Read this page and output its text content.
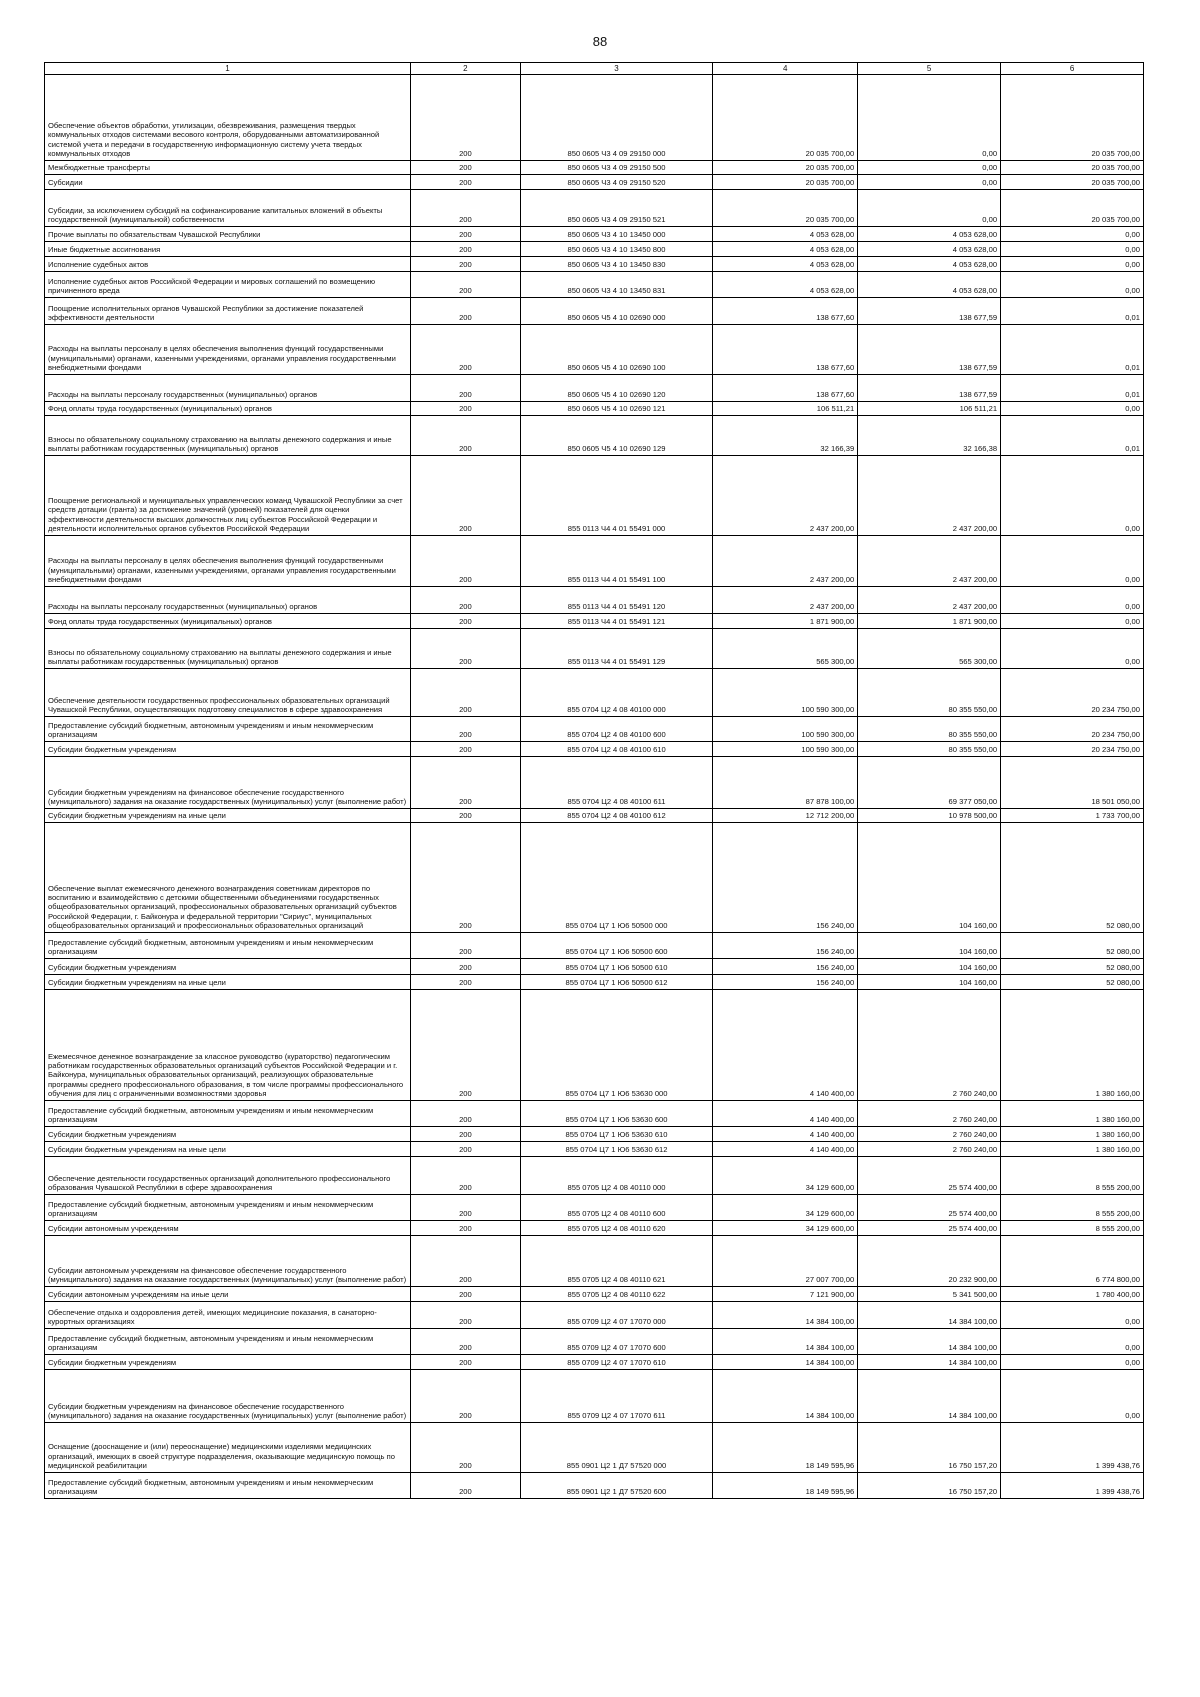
88
1	2	3	4	5	6
Обеспечение объектов обработки, утилизации, обезвреживания, размещения твердых коммунальных отходов системами весового контроля, оборудованными автоматизированной системой учета и передачи в государственную информационную систему учета твердых коммунальных отходов	200	850 0605 Ч3 4 09 29150 000	20 035 700,00	0,00	20 035 700,00
Межбюджетные трансферты	200	850 0605 Ч3 4 09 29150 500	20 035 700,00	0,00	20 035 700,00
Субсидии	200	850 0605 Ч3 4 09 29150 520	20 035 700,00	0,00	20 035 700,00
Субсидии, за исключением субсидий на софинансирование капитальных вложений в объекты государственной (муниципальной) собственности	200	850 0605 Ч3 4 09 29150 521	20 035 700,00	0,00	20 035 700,00
Прочие выплаты по обязательствам Чувашской Республики	200	850 0605 Ч3 4 10 13450 000	4 053 628,00	4 053 628,00	0,00
Иные бюджетные ассигнования	200	850 0605 Ч3 4 10 13450 800	4 053 628,00	4 053 628,00	0,00
Исполнение судебных актов	200	850 0605 Ч3 4 10 13450 830	4 053 628,00	4 053 628,00	0,00
Исполнение судебных актов Российской Федерации и мировых соглашений по возмещению причиненного вреда	200	850 0605 Ч3 4 10 13450 831	4 053 628,00	4 053 628,00	0,00
Поощрение исполнительных органов Чувашской Республики за достижение показателей эффективности деятельности	200	850 0605 Ч5 4 10 02690 000	138 677,60	138 677,59	0,01
Расходы на выплаты персоналу в целях обеспечения выполнения функций государственными (муниципальными) органами, казенными учреждениями, органами управления государственными внебюджетными фондами	200	850 0605 Ч5 4 10 02690 100	138 677,60	138 677,59	0,01
Расходы на выплаты персоналу государственных (муниципальных) органов	200	850 0605 Ч5 4 10 02690 120	138 677,60	138 677,59	0,01
Фонд оплаты труда государственных (муниципальных) органов	200	850 0605 Ч5 4 10 02690 121	106 511,21	106 511,21	0,00
Взносы по обязательному социальному страхованию на выплаты денежного содержания и иные выплаты работникам государственных (муниципальных) органов	200	850 0605 Ч5 4 10 02690 129	32 166,39	32 166,38	0,01
Поощрение региональной и муниципальных управленческих команд Чувашской Республики за счет средств дотации (гранта) за достижение значений (уровней) показателей для оценки эффективности деятельности высших должностных лиц субъектов Российской Федерации и деятельности исполнительных органов субъектов Российской Федерации	200	855 0113 Ч4 4 01 55491 000	2 437 200,00	2 437 200,00	0,00
Расходы на выплаты персоналу в целях обеспечения выполнения функций государственными (муниципальными) органами, казенными учреждениями, органами управления государственными внебюджетными фондами	200	855 0113 Ч4 4 01 55491 100	2 437 200,00	2 437 200,00	0,00
Расходы на выплаты персоналу государственных (муниципальных) органов	200	855 0113 Ч4 4 01 55491 120	2 437 200,00	2 437 200,00	0,00
Фонд оплаты труда государственных (муниципальных) органов	200	855 0113 Ч4 4 01 55491 121	1 871 900,00	1 871 900,00	0,00
Взносы по обязательному социальному страхованию на выплаты денежного содержания и иные выплаты работникам государственных (муниципальных) органов	200	855 0113 Ч4 4 01 55491 129	565 300,00	565 300,00	0,00
Обеспечение деятельности государственных профессиональных образовательных организаций Чувашской Республики, осуществляющих подготовку специалистов в сфере здравоохранения	200	855 0704 Ц2 4 08 40100 000	100 590 300,00	80 355 550,00	20 234 750,00
Предоставление субсидий бюджетным, автономным учреждениям и иным некоммерческим организациям	200	855 0704 Ц2 4 08 40100 600	100 590 300,00	80 355 550,00	20 234 750,00
Субсидии бюджетным учреждениям	200	855 0704 Ц2 4 08 40100 610	100 590 300,00	80 355 550,00	20 234 750,00
Субсидии бюджетным учреждениям на финансовое обеспечение государственного (муниципального) задания на оказание государственных (муниципальных) услуг (выполнение работ)	200	855 0704 Ц2 4 08 40100 611	87 878 100,00	69 377 050,00	18 501 050,00
Субсидии бюджетным учреждениям на иные цели	200	855 0704 Ц2 4 08 40100 612	12 712 200,00	10 978 500,00	1 733 700,00
Обеспечение выплат ежемесячного денежного вознаграждения советникам директоров по воспитанию и взаимодействию с детскими общественными объединениями государственных общеобразовательных организаций, профессиональных образовательных организаций субъектов Российской Федерации, г. Байконура и федеральной территории "Сириус", муниципальных общеобразовательных организаций и профессиональных образовательных организаций	200	855 0704 Ц7 1 Ю6 50500 000	156 240,00	104 160,00	52 080,00
Предоставление субсидий бюджетным, автономным учреждениям и иным некоммерческим организациям	200	855 0704 Ц7 1 Ю6 50500 600	156 240,00	104 160,00	52 080,00
Субсидии бюджетным учреждениям	200	855 0704 Ц7 1 Ю6 50500 610	156 240,00	104 160,00	52 080,00
Субсидии бюджетным учреждениям на иные цели	200	855 0704 Ц7 1 Ю6 50500 612	156 240,00	104 160,00	52 080,00
Ежемесячное денежное вознаграждение за классное руководство (кураторство) педагогическим работникам государственных образовательных организаций субъектов Российской Федерации и г. Байконура, муниципальных образовательных организаций, реализующих образовательные программы среднего профессионального образования, в том числе программы профессионального обучения для лиц с ограниченными возможностями здоровья	200	855 0704 Ц7 1 Ю6 53630 000	4 140 400,00	2 760 240,00	1 380 160,00
Предоставление субсидий бюджетным, автономным учреждениям и иным некоммерческим организациям	200	855 0704 Ц7 1 Ю6 53630 600	4 140 400,00	2 760 240,00	1 380 160,00
Субсидии бюджетным учреждениям	200	855 0704 Ц7 1 Ю6 53630 610	4 140 400,00	2 760 240,00	1 380 160,00
Субсидии бюджетным учреждениям на иные цели	200	855 0704 Ц7 1 Ю6 53630 612	4 140 400,00	2 760 240,00	1 380 160,00
Обеспечение деятельности государственных организаций дополнительного профессионального образования Чувашской Республики в сфере здравоохранения	200	855 0705 Ц2 4 08 40110 000	34 129 600,00	25 574 400,00	8 555 200,00
Предоставление субсидий бюджетным, автономным учреждениям и иным некоммерческим организациям	200	855 0705 Ц2 4 08 40110 600	34 129 600,00	25 574 400,00	8 555 200,00
Субсидии автономным учреждениям	200	855 0705 Ц2 4 08 40110 620	34 129 600,00	25 574 400,00	8 555 200,00
Субсидии автономным учреждениям на финансовое обеспечение государственного (муниципального) задания на оказание государственных (муниципальных) услуг (выполнение работ)	200	855 0705 Ц2 4 08 40110 621	27 007 700,00	20 232 900,00	6 774 800,00
Субсидии автономным учреждениям на иные цели	200	855 0705 Ц2 4 08 40110 622	7 121 900,00	5 341 500,00	1 780 400,00
Обеспечение отдыха и оздоровления детей, имеющих медицинские показания, в санаторно-курортных организациях	200	855 0709 Ц2 4 07 17070 000	14 384 100,00	14 384 100,00	0,00
Предоставление субсидий бюджетным, автономным учреждениям и иным некоммерческим организациям	200	855 0709 Ц2 4 07 17070 600	14 384 100,00	14 384 100,00	0,00
Субсидии бюджетным учреждениям	200	855 0709 Ц2 4 07 17070 610	14 384 100,00	14 384 100,00	0,00
Субсидии бюджетным учреждениям на финансовое обеспечение государственного (муниципального) задания на оказание государственных (муниципальных) услуг (выполнение работ)	200	855 0709 Ц2 4 07 17070 611	14 384 100,00	14 384 100,00	0,00
Оснащение (дооснащение и (или) переоснащение) медицинскими изделиями медицинских организаций, имеющих в своей структуре подразделения, оказывающие медицинскую помощь по медицинской реабилитации	200	855 0901 Ц2 1 Д7 57520 000	18 149 595,96	16 750 157,20	1 399 438,76
Предоставление субсидий бюджетным, автономным учреждениям и иным некоммерческим организациям	200	855 0901 Ц2 1 Д7 57520 600	18 149 595,96	16 750 157,20	1 399 438,76
